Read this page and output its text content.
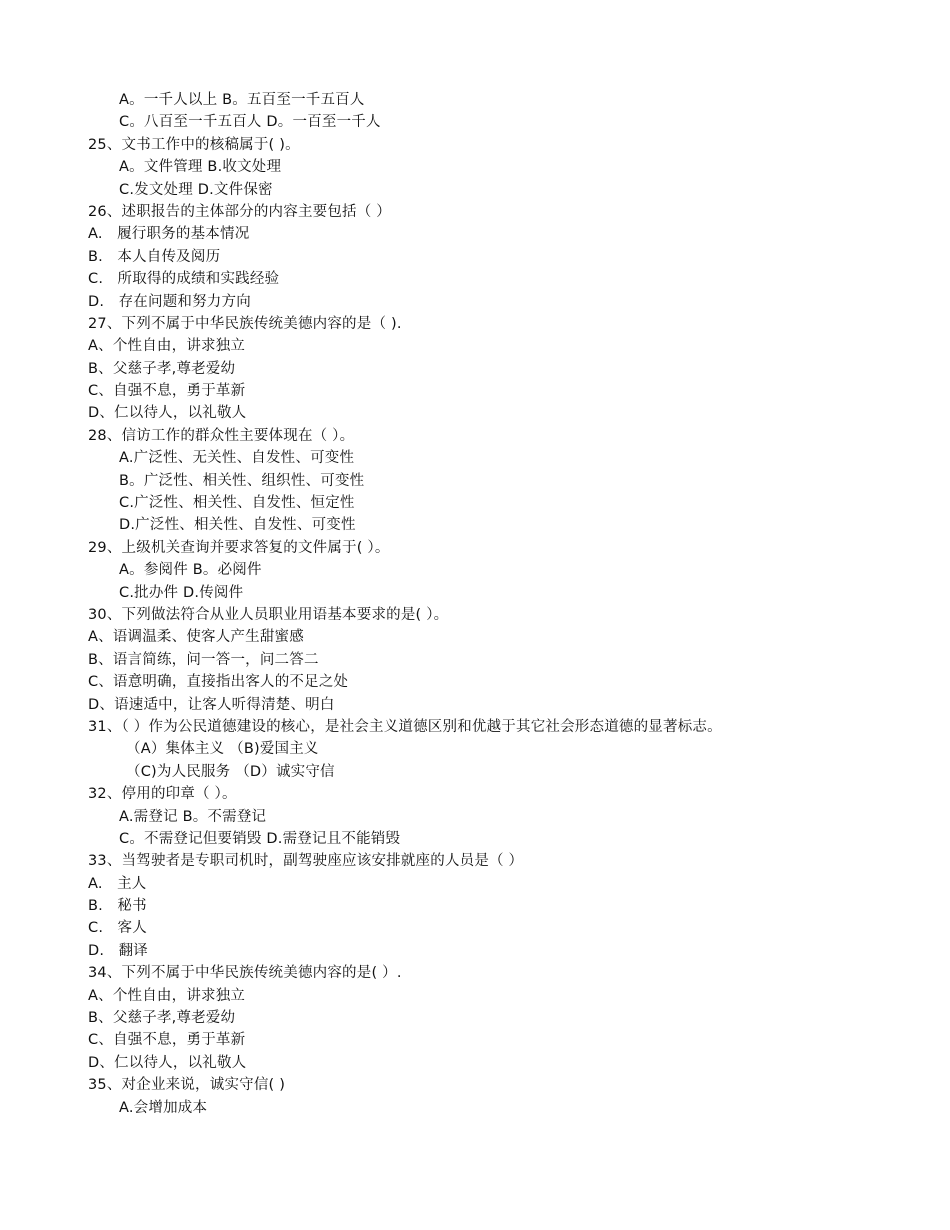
A。一千人以上 B。五百至一千五百人
C。八百至一千五百人 D。一百至一千人
25、文书工作中的核稿属于( )。
A。文件管理 B.收文处理
C.发文处理 D.文件保密
26、述职报告的主体部分的内容主要包括（ ）
A.   履行职务的基本情况
B.   本人自传及阅历
C.   所取得的成绩和实践经验
D.   存在问题和努力方向
27、下列不属于中华民族传统美德内容的是（ ).
A、个性自由，讲求独立
B、父慈子孝,尊老爱幼
C、自强不息，勇于革新
D、仁以待人，以礼敬人
28、信访工作的群众性主要体现在（ ）。
A.广泛性、无关性、自发性、可变性
B。广泛性、相关性、组织性、可变性
C.广泛性、相关性、自发性、恒定性
D.广泛性、相关性、自发性、可变性
29、上级机关查询并要求答复的文件属于( ）。
A。参阅件 B。必阅件
C.批办件 D.传阅件
30、下列做法符合从业人员职业用语基本要求的是( ）。
A、语调温柔、使客人产生甜蜜感
B、语言简练，问一答一，问二答二
C、语意明确，直接指出客人的不足之处
D、语速适中，让客人听得清楚、明白
31、（ ）作为公民道德建设的核心，是社会主义道德区别和优越于其它社会形态道德的显著标志。
（A）集体主义 （B)爱国主义
（C)为人民服务 （D）诚实守信
32、停用的印章（ ）。
A.需登记 B。不需登记
C。不需登记但要销毁 D.需登记且不能销毁
33、当驾驶者是专职司机时，副驾驶座应该安排就座的人员是（ ）
A.   主人
B.   秘书
C.   客人
D.   翻译
34、下列不属于中华民族传统美德内容的是( ）.
A、个性自由，讲求独立
B、父慈子孝,尊老爱幼
C、自强不息，勇于革新
D、仁以待人，以礼敬人
35、对企业来说，诚实守信( )
A.会增加成本
